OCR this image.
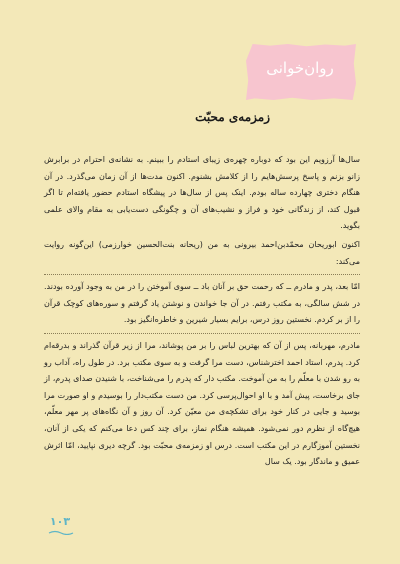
روان‌خوانی
زمزمه‌ی محبّت

سال‌ها آرزویم این بود که دوباره چهره‌ی زیبای استادم را ببینم. به نشانه‌ی احترام در برابرش زانو بزنم و پاسخ پرسش‌هایم را از کلامش بشنوم. اکنون مدت‌ها از آن زمان می‌گذرد. در آن هنگام دختری چهارده ساله بودم. اینک پس از سال‌ها در پیشگاه استادم حضور یافته‌ام تا اگر قبول کند، از زندگانی خود و فراز و نشیب‌های آن و چگونگی دست‌یابی به مقام والای علمی بگوید.

اکنون ابوریحان محمّدبن‌احمد بیرونی به من (ریحانه بنت‌الحسین خوارزمی) این‌گونه روایت می‌کند:

امّا بعد، پدر و مادرم ــ که رحمت حق بر آنان باد ــ سوی آموختن را در من به وجود آورده بودند. در شش سالگی، به مکتب رفتم. در آن جا خواندن و نوشتن یاد گرفتم و سوره‌های کوچک قرآن را از بر کردم. نخستین روز درس، برایم بسیار شیرین و خاطره‌انگیز بود.

مادرم، مهربانه، پس از آن که بهترین لباس را بر من پوشاند، مرا از زیر قرآن گذراند و بدرقه‌ام کرد. پدرم، استاد احمد اخترشناس، دست مرا گرفت و به سوی مکتب برد. در طول راه، آداب رو به رو شدن با معلّم را به من آموخت. مکتب دار که پدرم را می‌شناخت، با شنیدن صدای پدرم، از جای برخاست، پیش آمد و با او احوال‌پرسی کرد. من دست مکتب‌دار را بوسیدم و او صورت مرا بوسید و جایی در کنار خود برای تشکچه‌ی من معیّن کرد. آن روز و آن نگاه‌های پر مهر معلّم، هیچ‌گاه از نظرم دور نمی‌شود. همیشه هنگام نماز، برای چند کس دعا می‌کنم که یکی از آنان، نخستین آموزگارم در این مکتب است. درس او زمزمه‌ی محبّت بود. گرچه دیری نپایید، امّا اثرش عمیق و ماندگار بود. یک سال

۱۰۳
